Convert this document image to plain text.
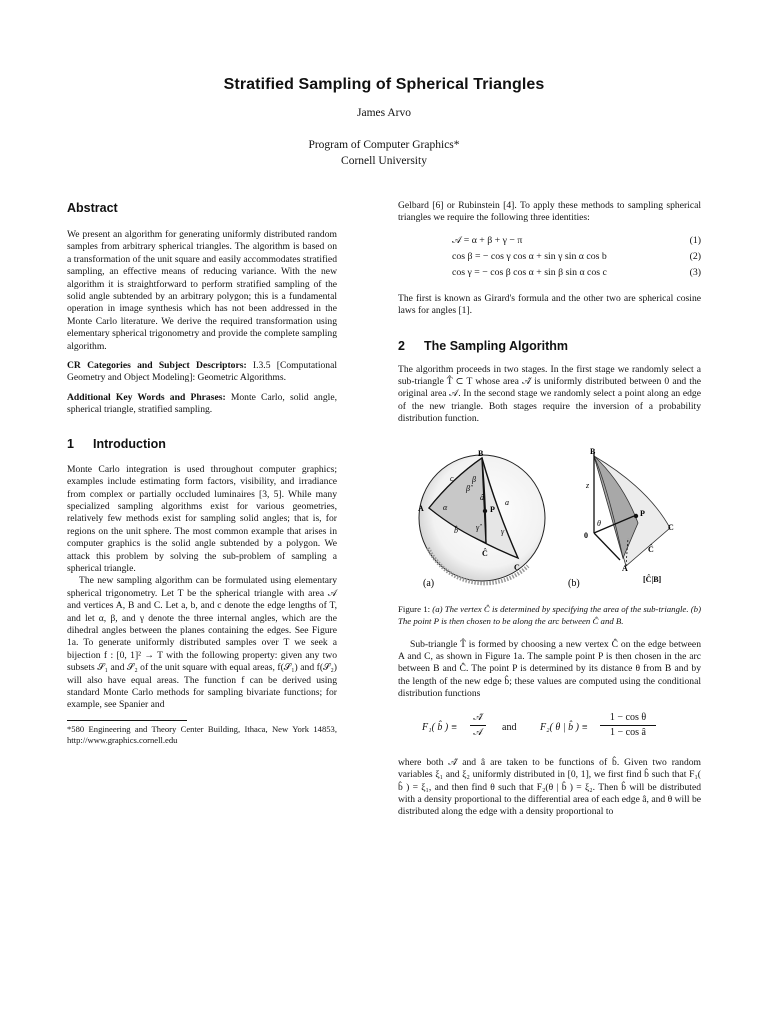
Stratified Sampling of Spherical Triangles
James Arvo
Program of Computer Graphics*
Cornell University
Abstract

We present an algorithm for generating uniformly distributed random samples from arbitrary spherical triangles. The algorithm is based on a transformation of the unit square and easily accommodates stratified sampling, an effective means of reducing variance. With the new algorithm it is straightforward to perform stratified sampling of the solid angle subtended by an arbitrary polygon; this is a fundamental operation in image synthesis which has not been addressed in the Monte Carlo literature. We derive the required transformation using elementary spherical trigonometry and provide the complete sampling algorithm.

CR Categories and Subject Descriptors: I.3.5 [Computational Geometry and Object Modeling]: Geometric Algorithms.

Additional Key Words and Phrases: Monte Carlo, solid angle, spherical triangle, stratified sampling.

1 Introduction

Monte Carlo integration is used throughout computer graphics; examples include estimating form factors, visibility, and irradiance from complex or partially occluded luminaires [3, 5]. While many specialized sampling algorithms exist for various geometries, relatively few methods exist for sampling solid angles; that is, for regions on the unit sphere. The most common example that arises in computer graphics is the solid angle subtended by a polygon. We attack this problem by solving the sub-problem of sampling a spherical triangle.

The new sampling algorithm can be formulated using elementary spherical trigonometry. Let T be the spherical triangle with area 𝒜 and vertices A, B and C. Let a, b, and c denote the edge lengths of T, and let α, β, and γ denote the three internal angles, which are the dihedral angles between the planes containing the edges. See Figure 1a. To generate uniformly distributed samples over T we seek a bijection f : [0, 1]² → T with the following property: given any two subsets 𝒮₁ and 𝒮₂ of the unit square with equal areas, f(𝒮₁) and f(𝒮₂) will also have equal areas. The function f can be derived using standard Monte Carlo methods for sampling bivariate functions; for example, see Spanier and

*580 Engineering and Theory Center Building, Ithaca, New York 14853, http://www.graphics.cornell.edu

Gelbard [6] or Rubinstein [4]. To apply these methods to sampling spherical triangles we require the following three identities:

𝒜 = α + β + γ − π	(1)
cos β = − cos γ cos α + sin γ sin α cos b	(2)
cos γ = − cos β cos α + sin β sin α cos c	(3)

The first is known as Girard's formula and the other two are spherical cosine laws for angles [1].

2 The Sampling Algorithm

The algorithm proceeds in two stages. In the first stage we randomly select a sub-triangle T̂ ⊂ T whose area 𝒜̂ is uniformly distributed between 0 and the original area 𝒜. In the second stage we randomly select a point along an edge of the new triangle. Both stages require the inversion of a probability distribution function.

B
A
C
Ĉ
P
c
α
β
β̂
â
a
γ̂	γ
b̂
(a)
B
z
0
θ
P
C
Ĉ
A
[Ĉ|B]
(b)

Figure 1: (a) The vertex Ĉ is determined by specifying the area of the sub-triangle. (b) The point P is then chosen to be along the arc between Ĉ and B.

Sub-triangle T̂ is formed by choosing a new vertex Ĉ on the edge between A and C, as shown in Figure 1a. The sample point P is then chosen in the arc between B and Ĉ. The point P is determined by its distance θ from B and by the length of the new edge b̂; these values are computed using the conditional distribution functions

F₁( b̂ ) ≡
𝒜̂
𝒜	and F₂( θ | b̂ ) ≡ $\frac{\text{1 − cos θ}}{\text{1 − cos â}}$

where both 𝒜̂ and â are taken to be functions of b̂. Given two random variables ξ₁ and ξ₂ uniformly distributed in [0, 1], we first find b̂ such that F₁( b̂ ) = ξ₁, and then find θ such that F₂(θ | b̂ ) = ξ₂. Then b̂ will be distributed with a density proportional to the differential area of each edge â, and θ will be distributed along the edge with a density proportional to
